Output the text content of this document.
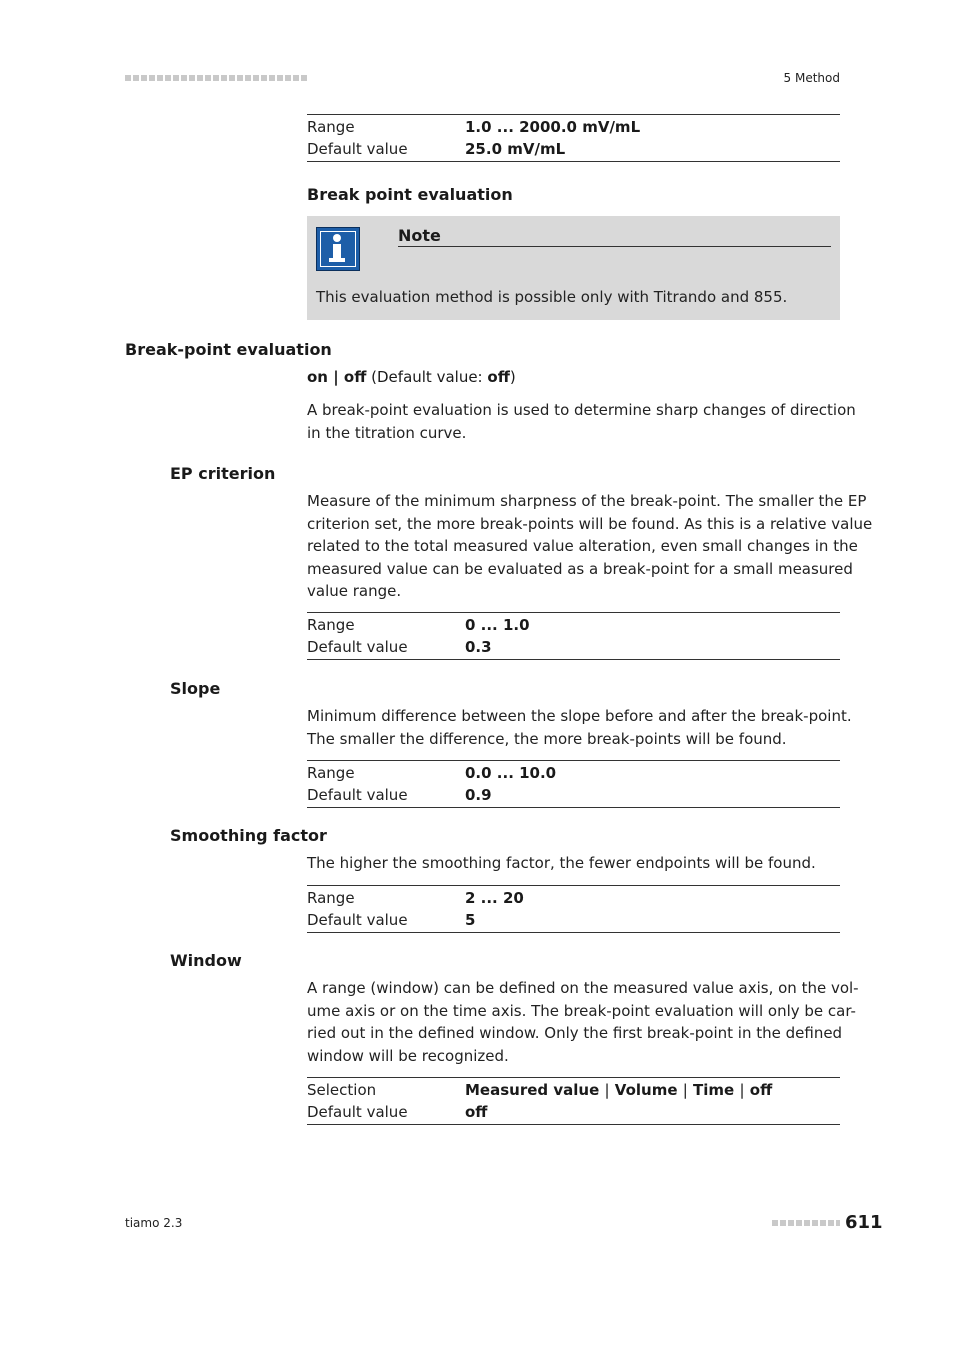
5 Method
Range	1.0 ... 2000.0 mV/mL
Default value	25.0 mV/mL
Break point evaluation
Note
This evaluation method is possible only with Titrando and 855.
Break-point evaluation
on | off (Default value: off)
A break-point evaluation is used to determine sharp changes of direction
in the titration curve.
EP criterion
Measure of the minimum sharpness of the break-point. The smaller the EP
criterion set, the more break-points will be found. As this is a relative value
related to the total measured value alteration, even small changes in the
measured value can be evaluated as a break-point for a small measured
value range.
Range	0 ... 1.0
Default value	0.3
Slope
Minimum difference between the slope before and after the break-point.
The smaller the difference, the more break-points will be found.
Range	0.0 ... 10.0
Default value	0.9
Smoothing factor
The higher the smoothing factor, the fewer endpoints will be found.
Range	2 ... 20
Default value	5
Window
A range (window) can be defined on the measured value axis, on the vol-
ume axis or on the time axis. The break-point evaluation will only be car-
ried out in the defined window. Only the first break-point in the defined
window will be recognized.
Selection	Measured value | Volume | Time | off
Default value	off
tiamo 2.3	611
